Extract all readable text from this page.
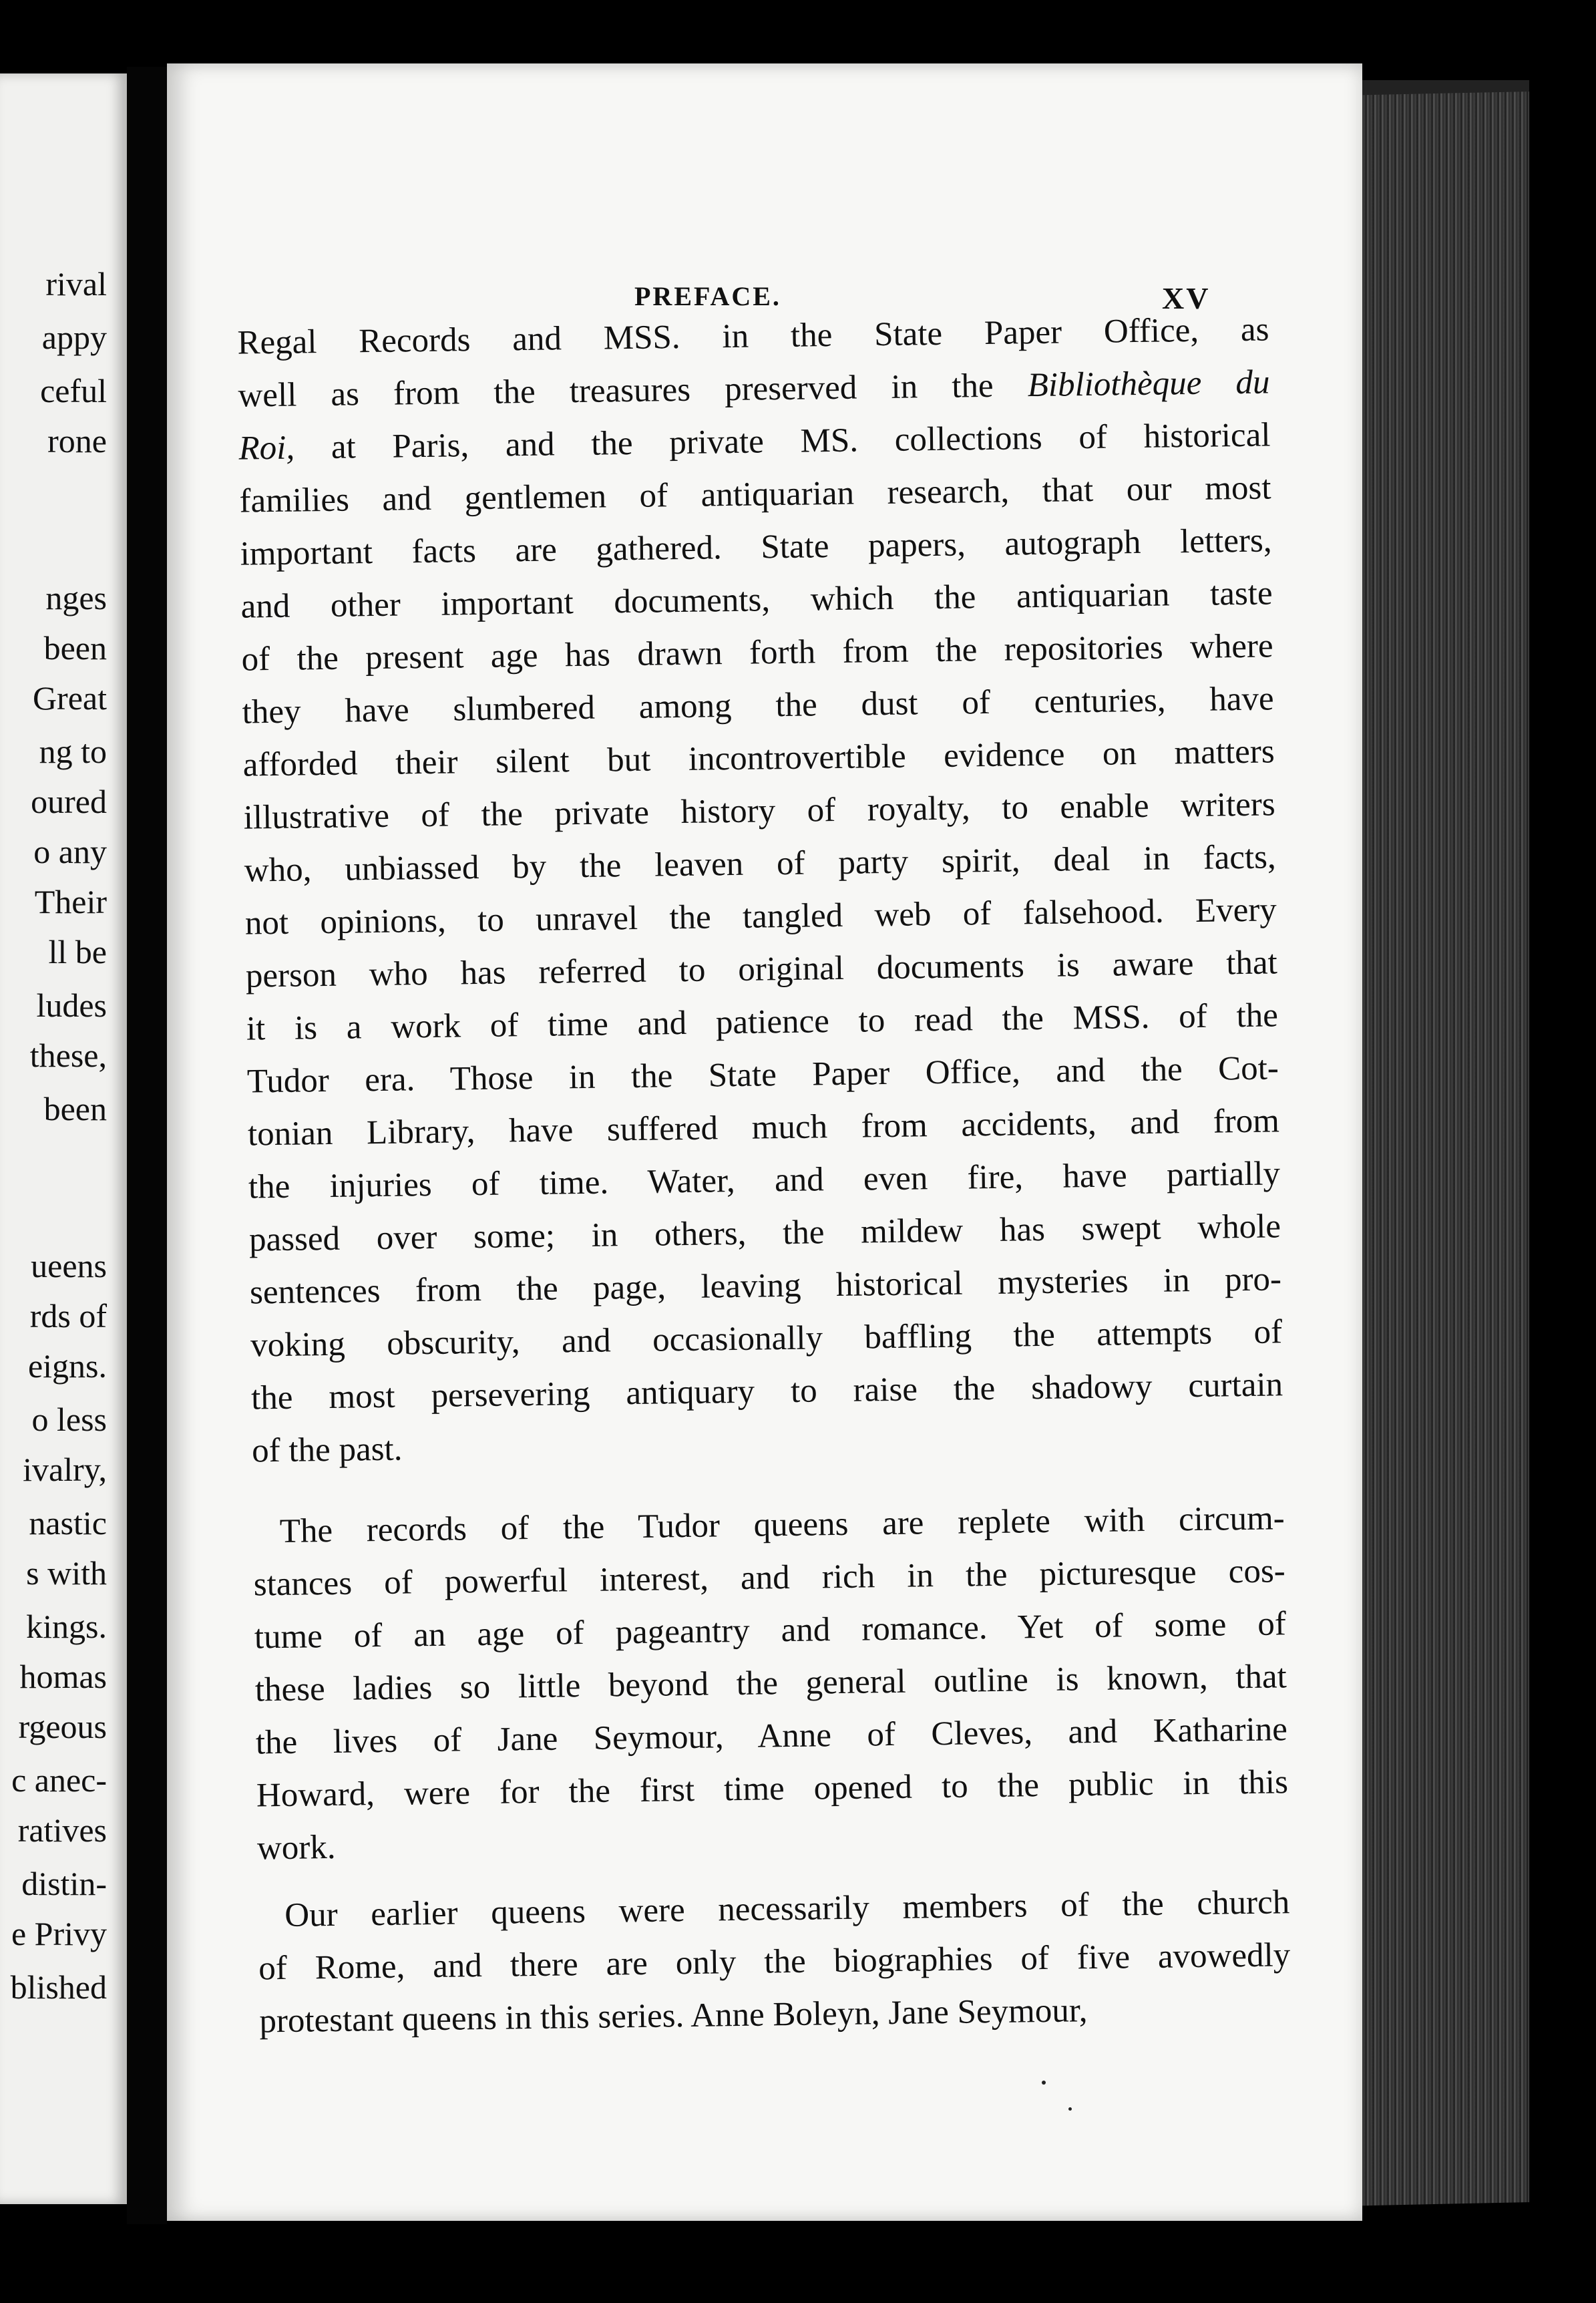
rival
appy
ceful
rone
nges
been
Great
ng to
oured
o any
Their
ll be
ludes
these,
been
ueens
rds of
eigns.
o less
ivalry,
nastic
s with
kings.
homas
rgeous
c anec-
ratives
distin-
e Privy
blished
PREFACE.	XV
Regal Records and MSS. in the State Paper Office, as
well as from the treasures preserved in the Bibliothèque du
Roi, at Paris, and the private MS. collections of historical
families and gentlemen of antiquarian research, that our most
important facts are gathered. State papers, autograph letters,
and other important documents, which the antiquarian taste
of the present age has drawn forth from the repositories where
they have slumbered among the dust of centuries, have
afforded their silent but incontrovertible evidence on matters
illustrative of the private history of royalty, to enable writers
who, unbiassed by the leaven of party spirit, deal in facts,
not opinions, to unravel the tangled web of falsehood. Every
person who has referred to original documents is aware that
it is a work of time and patience to read the MSS. of the
Tudor era. Those in the State Paper Office, and the Cot-
tonian Library, have suffered much from accidents, and from
the injuries of time. Water, and even fire, have partially
passed over some; in others, the mildew has swept whole
sentences from the page, leaving historical mysteries in pro-
voking obscurity, and occasionally baffling the attempts of
the most persevering antiquary to raise the shadowy curtain
of the past.
The records of the Tudor queens are replete with circum-
stances of powerful interest, and rich in the picturesque cos-
tume of an age of pageantry and romance. Yet of some of
these ladies so little beyond the general outline is known, that
the lives of Jane Seymour, Anne of Cleves, and Katharine
Howard, were for the first time opened to the public in this
work.
Our earlier queens were necessarily members of the church
of Rome, and there are only the biographies of five avowedly
protestant queens in this series. Anne Boleyn, Jane Seymour,
